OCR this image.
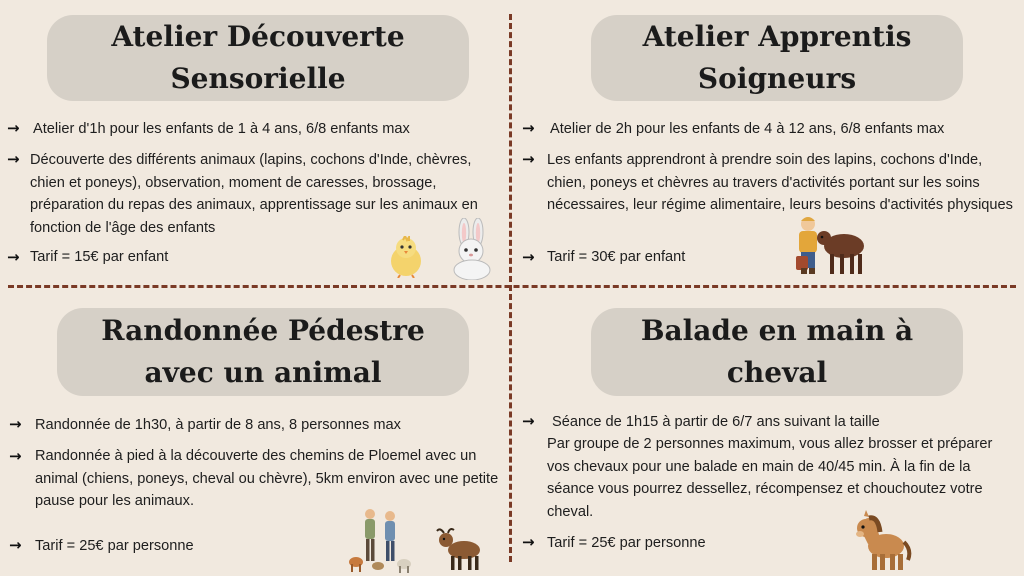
Atelier Découverte
Sensorielle
→ Atelier d'1h pour les enfants de 1 à 4 ans, 6/8 enfants max
→ Découverte des différents animaux (lapins, cochons d'Inde, chèvres, chien et poneys), observation, moment de caresses, brossage, préparation du repas des animaux, apprentissage sur les animaux en fonction de l'âge des enfants
→ Tarif = 15€ par enfant
Atelier Apprentis
Soigneurs
→ Atelier de 2h pour les enfants de 4 à 12 ans, 6/8 enfants max
→ Les enfants apprendront à prendre soin des lapins, cochons d'Inde, chien, poneys et chèvres au travers d'activités portant sur les soins nécessaires, leur régime alimentaire, leurs besoins d'activités physiques
→ Tarif = 30€ par enfant
Randonnée Pédestre
avec un animal
→ Randonnée de 1h30, à partir de 8 ans, 8 personnes max
→ Randonnée à pied à la découverte des chemins de Ploemel avec un animal (chiens, poneys, cheval ou chèvre), 5km environ avec une petite pause pour les animaux.
→ Tarif = 25€ par personne
Balade en main à
cheval
→ Séance de 1h15 à partir de 6/7 ans suivant la taille
Par groupe de 2 personnes maximum, vous allez brosser et préparer vos chevaux pour une balade en main de 40/45 min. À la fin de la séance vous pourrez dessellez, récompensez et chouchoutez votre cheval.
→ Tarif = 25€ par personne
